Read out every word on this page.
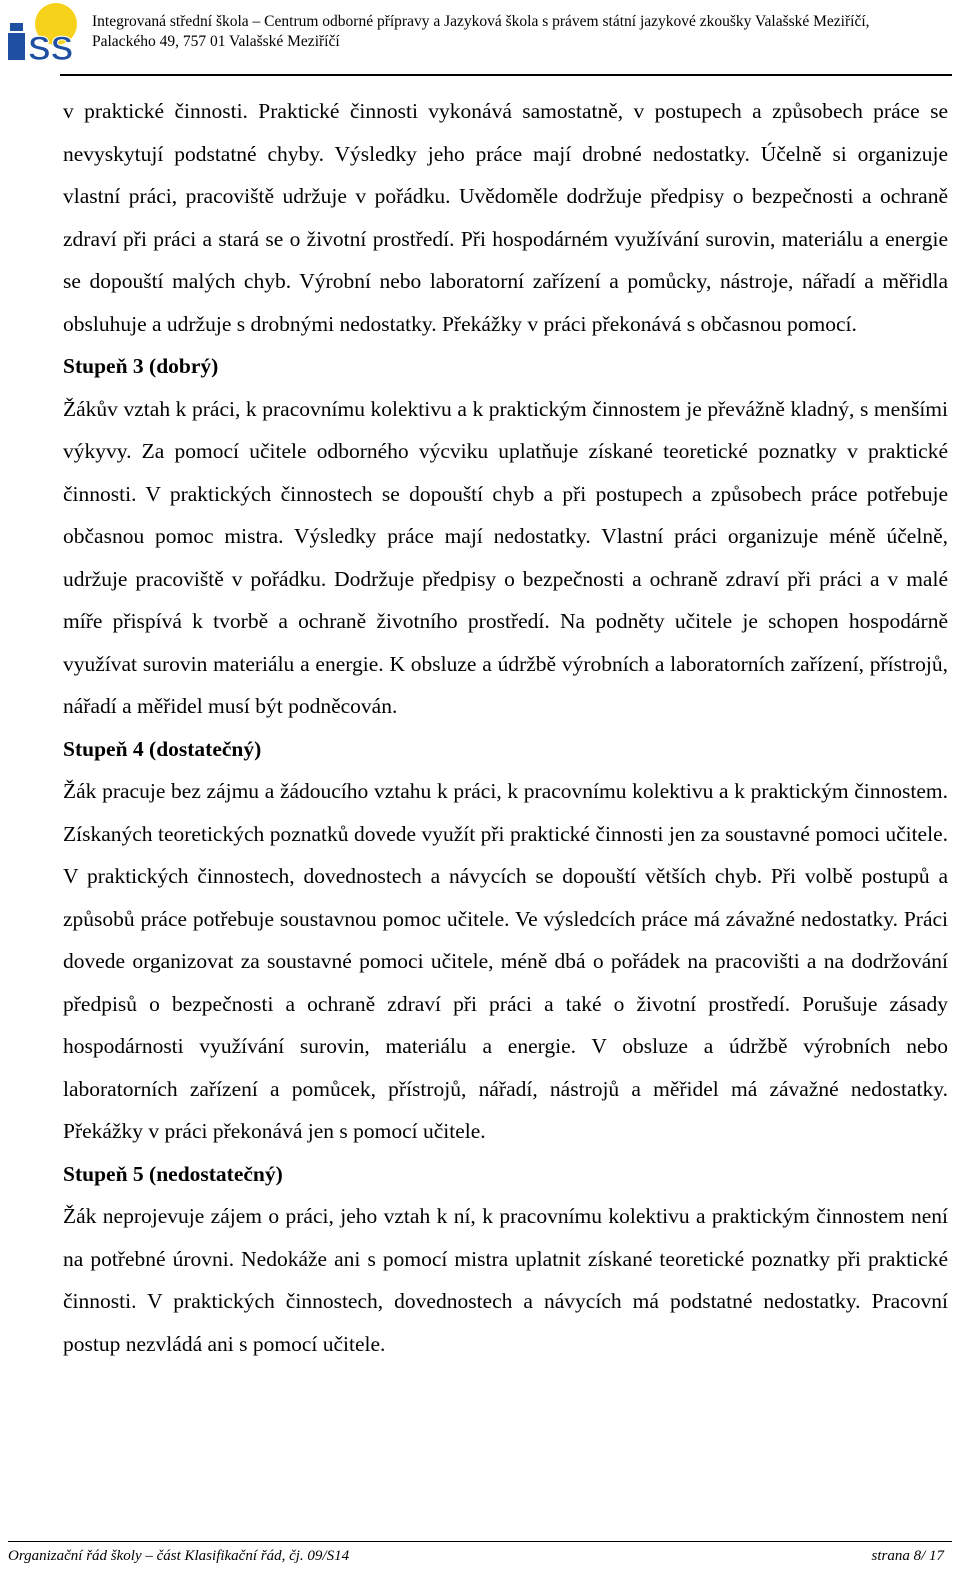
SS
Integrovaná střední škola – Centrum odborné přípravy a Jazyková škola s právem státní jazykové zkoušky Valašské Meziříčí,
Palackého 49, 757 01 Valašské Meziříčí

v praktické činnosti. Praktické činnosti vykonává samostatně, v postupech a způsobech práce se nevyskytují podstatné chyby. Výsledky jeho práce mají drobné nedostatky. Účelně si organizuje vlastní práci, pracoviště udržuje v pořádku. Uvědoměle dodržuje předpisy o bezpečnosti a ochraně zdraví při práci a stará se o životní prostředí. Při hospodárném využívání surovin, materiálu a energie se dopouští malých chyb. Výrobní nebo laboratorní zařízení a pomůcky, nástroje, nářadí a měřidla obsluhuje a udržuje s drobnými nedostatky. Překážky v práci překonává s občasnou pomocí.

Stupeň 3 (dobrý)

Žákův vztah k práci, k pracovnímu kolektivu a k praktickým činnostem je převážně kladný, s menšími výkyvy. Za pomocí učitele odborného výcviku uplatňuje získané teoretické poznatky v praktické činnosti. V praktických činnostech se dopouští chyb a při postupech a způsobech práce potřebuje občasnou pomoc mistra. Výsledky práce mají nedostatky. Vlastní práci organizuje méně účelně, udržuje pracoviště v pořádku. Dodržuje předpisy o bezpečnosti a ochraně zdraví při práci a v malé míře přispívá k tvorbě a ochraně životního prostředí. Na podněty učitele je schopen hospodárně využívat surovin materiálu a energie. K obsluze a údržbě výrobních a laboratorních zařízení, přístrojů, nářadí a měřidel musí být podněcován.

Stupeň 4 (dostatečný)

Žák pracuje bez zájmu a žádoucího vztahu k práci, k pracovnímu kolektivu a k praktickým činnostem. Získaných teoretických poznatků dovede využít při praktické činnosti jen za soustavné pomoci učitele. V praktických činnostech, dovednostech a návycích se dopouští větších chyb. Při volbě postupů a způsobů práce potřebuje soustavnou pomoc učitele. Ve výsledcích práce má závažné nedostatky. Práci dovede organizovat za soustavné pomoci učitele, méně dbá o pořádek na pracovišti a na dodržování předpisů o bezpečnosti a ochraně zdraví při práci a také o životní prostředí. Porušuje zásady hospodárnosti využívání surovin, materiálu a energie. V obsluze a údržbě výrobních nebo laboratorních zařízení a pomůcek, přístrojů, nářadí, nástrojů a měřidel má závažné nedostatky. Překážky v práci překonává jen s pomocí učitele.

Stupeň 5 (nedostatečný)

Žák neprojevuje zájem o práci, jeho vztah k ní, k pracovnímu kolektivu a praktickým činnostem není na potřebné úrovni. Nedokáže ani s pomocí mistra uplatnit získané teoretické poznatky při praktické činnosti. V praktických činnostech, dovednostech a návycích má podstatné nedostatky. Pracovní postup nezvládá ani s pomocí učitele.

Organizační řád školy – část Klasifikační řád, čj. 09/S14	strana 8/ 17
